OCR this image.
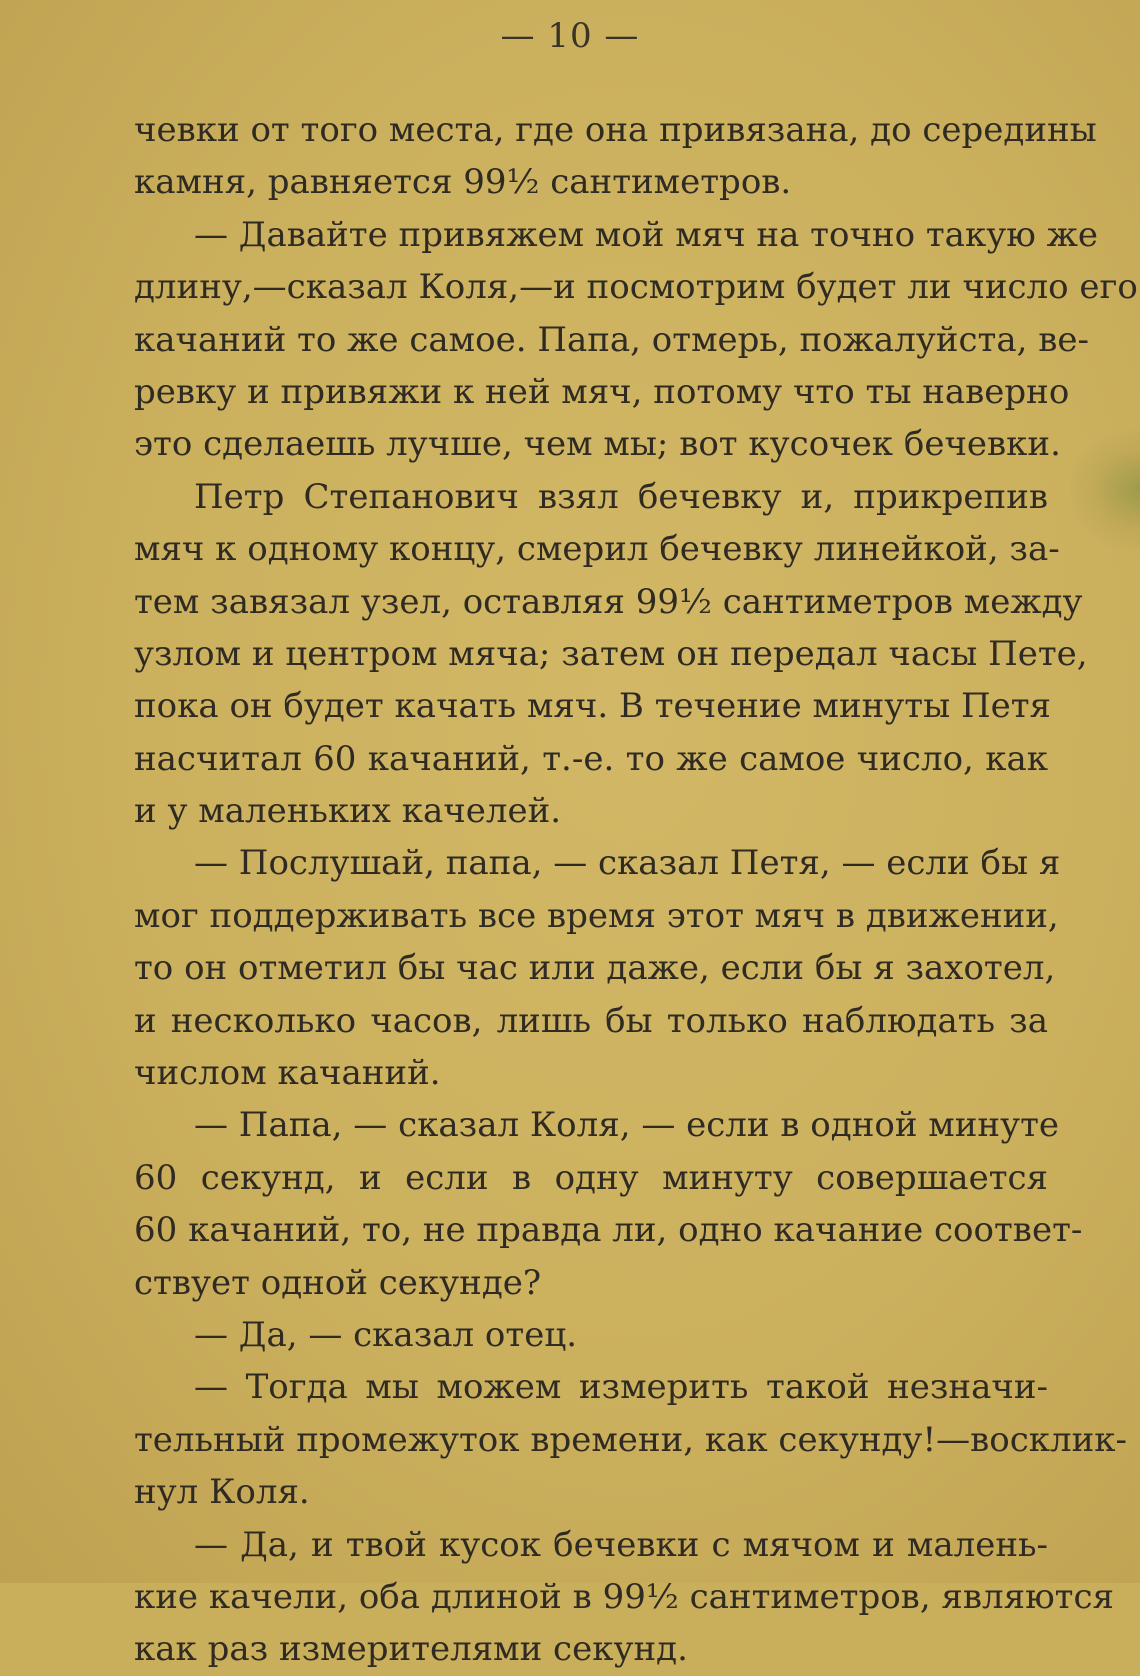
— 10 —
чевки от того места, где она привязана, до середины
камня, равняется 99½ сантиметров.
— Давайте привяжем мой мяч на точно такую же
длину,—сказал Коля,—и посмотрим будет ли число его
качаний то же самое. Папа, отмерь, пожалуйста, ве-
ревку и привяжи к ней мяч, потому что ты наверно
это сделаешь лучше, чем мы; вот кусочек бечевки.
Петр Степанович взял бечевку и, прикрепив
мяч к одному концу, смерил бечевку линейкой, за-
тем завязал узел, оставляя 99½ сантиметров между
узлом и центром мяча; затем он передал часы Пете,
пока он будет качать мяч. В течение минуты Петя
насчитал 60 качаний, т.-е. то же самое число, как
и у маленьких качелей.
— Послушай, папа, — сказал Петя, — если бы я
мог поддерживать все время этот мяч в движении,
то он отметил бы час или даже, если бы я захотел,
и несколько часов, лишь бы только наблюдать за
числом качаний.
— Папа, — сказал Коля, — если в одной минуте
60 секунд, и если в одну минуту совершается
60 качаний, то, не правда ли, одно качание соответ-
ствует одной секунде?
— Да, — сказал отец.
— Тогда мы можем измерить такой незначи-
тельный промежуток времени, как секунду!—восклик-
нул Коля.
— Да, и твой кусок бечевки с мячом и малень-
кие качели, оба длиной в 99½ сантиметров, являются
как раз измерителями секунд.
